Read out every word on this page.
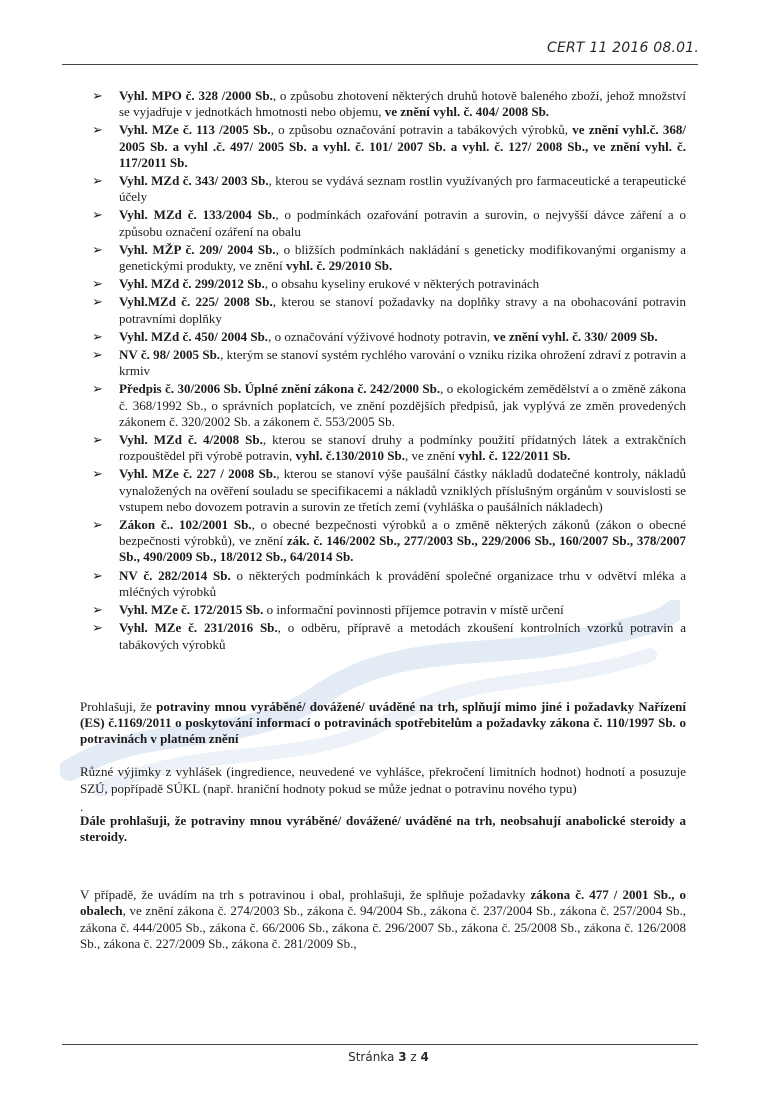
CERT 11 2016 08.01.
➢ Vyhl. MPO č. 328 /2000 Sb., o způsobu zhotovení některých druhů hotově baleného zboží, jehož množství se vyjadřuje v jednotkách hmotnosti nebo objemu, ve znění vyhl. č. 404/ 2008 Sb.
➢ Vyhl. MZe č. 113 /2005 Sb., o způsobu označování potravin a tabákových výrobků, ve znění vyhl.č. 368/ 2005 Sb. a vyhl .č. 497/ 2005 Sb. a vyhl. č. 101/ 2007 Sb. a vyhl. č. 127/ 2008 Sb., ve znění vyhl. č. 117/2011 Sb.
➢ Vyhl. MZd č. 343/ 2003 Sb., kterou se vydává seznam rostlin využívaných pro farmaceutické a terapeutické účely
➢ Vyhl. MZd č. 133/2004 Sb., o podmínkách ozařování potravin a surovin, o nejvyšší dávce záření a o způsobu označení ozáření na obalu
➢ Vyhl. MŽP č. 209/ 2004 Sb., o bližších podmínkách nakládání s geneticky modifikovanými organismy a genetickými produkty, ve znění vyhl. č. 29/2010 Sb.
➢ Vyhl. MZd č. 299/2012 Sb., o obsahu kyseliny erukové v některých potravinách
➢ Vyhl.MZd č. 225/ 2008 Sb., kterou se stanoví požadavky na doplňky stravy a na obohacování potravin potravními doplňky
➢ Vyhl. MZd č. 450/ 2004 Sb., o označování výživové hodnoty potravin, ve znění vyhl. č. 330/ 2009 Sb.
➢ NV č. 98/ 2005 Sb., kterým se stanoví systém rychlého varování o vzniku rizika ohrožení zdraví z potravin a krmiv
➢ Předpis č. 30/2006 Sb. Úplné znění zákona č. 242/2000 Sb., o ekologickém zemědělství a o změně zákona č. 368/1992 Sb., o správních poplatcích, ve znění pozdějších předpisů, jak vyplývá ze změn provedených zákonem č. 320/2002 Sb. a zákonem č. 553/2005 Sb.
➢ Vyhl. MZd č. 4/2008 Sb., kterou se stanoví druhy a podmínky použití přídatných látek a extrakčních rozpouštědel při výrobě potravin, vyhl. č.130/2010 Sb., ve znění vyhl. č. 122/2011 Sb.
➢ Vyhl. MZe č. 227 / 2008 Sb., kterou se stanoví výše paušální částky nákladů dodatečné kontroly, nákladů vynaložených na ověření souladu se specifikacemi a nákladů vzniklých příslušným orgánům v souvislosti se vstupem nebo dovozem potravin a surovin ze třetích zemí (vyhláška o paušálních nákladech)
➢ Zákon č.. 102/2001 Sb., o obecné bezpečnosti výrobků a o změně některých zákonů (zákon o obecné bezpečnosti výrobků), ve znění zák. č. 146/2002 Sb., 277/2003 Sb., 229/2006 Sb., 160/2007 Sb., 378/2007 Sb., 490/2009 Sb., 18/2012 Sb., 64/2014 Sb.
➢ NV č. 282/2014 Sb. o některých podmínkách k provádění společné organizace trhu v odvětví mléka a mléčných výrobků
➢ Vyhl. MZe č. 172/2015 Sb. o informační povinnosti příjemce potravin v místě určení
➢ Vyhl. MZe č. 231/2016 Sb., o odběru, přípravě a metodách zkoušení kontrolních vzorků potravin a tabákových výrobků

Prohlašuji, že potraviny mnou vyráběné/ dovážené/ uváděné na trh, splňují mimo jiné i požadavky Nařízení (ES) č.1169/2011 o poskytování informací o potravinách spotřebitelům a požadavky zákona č. 110/1997 Sb. o potravinách v platném znění

Různé výjimky z vyhlášek (ingredience, neuvedené ve vyhlášce, překročení limitních hodnot) hodnotí a posuzuje SZÚ, popřípadě SÚKL (např. hraniční hodnoty pokud se může jednat o potravinu nového typu)

.

Dále prohlašuji, že potraviny mnou vyráběné/ dovážené/ uváděné na trh, neobsahují anabolické steroidy a steroidy.

V případě, že uvádím na trh s potravinou i obal, prohlašuji, že splňuje požadavky zákona č. 477 / 2001 Sb., o obalech, ve znění zákona č. 274/2003 Sb., zákona č. 94/2004 Sb., zákona č. 237/2004 Sb., zákona č. 257/2004 Sb., zákona č. 444/2005 Sb., zákona č. 66/2006 Sb., zákona č. 296/2007 Sb., zákona č. 25/2008 Sb., zákona č. 126/2008 Sb., zákona č. 227/2009 Sb., zákona č. 281/2009 Sb.,

Stránka 3 z 4
